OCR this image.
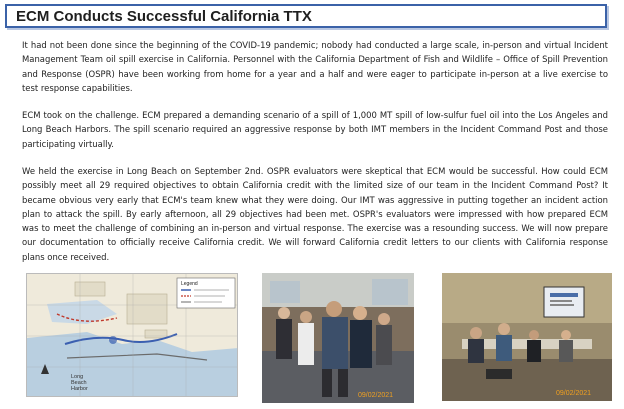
ECM Conducts Successful California TTX

It had not been done since the beginning of the COVID-19 pandemic; nobody had conducted a large scale, in-person and virtual Incident Management Team oil spill exercise in California. Personnel with the California Department of Fish and Wildlife – Office of Spill Prevention and Response (OSPR) have been working from home for a year and a half and were eager to participate in-person at a live exercise to test response capabilities.

ECM took on the challenge. ECM prepared a demanding scenario of a spill of 1,000 MT spill of low-sulfur fuel oil into the Los Angeles and Long Beach Harbors. The spill scenario required an aggressive response by both IMT members in the Incident Command Post and those participating virtually.

We held the exercise in Long Beach on September 2nd. OSPR evaluators were skeptical that ECM would be successful. How could ECM possibly meet all 29 required objectives to obtain California credit with the limited size of our team in the Incident Command Post? It became obvious very early that ECM's team knew what they were doing. Our IMT was aggressive in putting together an incident action plan to attack the spill. By early afternoon, all 29 objectives had been met. OSPR's evaluators were impressed with how prepared ECM was to meet the challenge of combining an in-person and virtual response. The exercise was a resounding success. We will now prepare our documentation to officially receive California credit. We will forward California credit letters to our clients with California response plans once received.

Legend
Long
Beach
Harbor
09/02/2021	09/02/2021
